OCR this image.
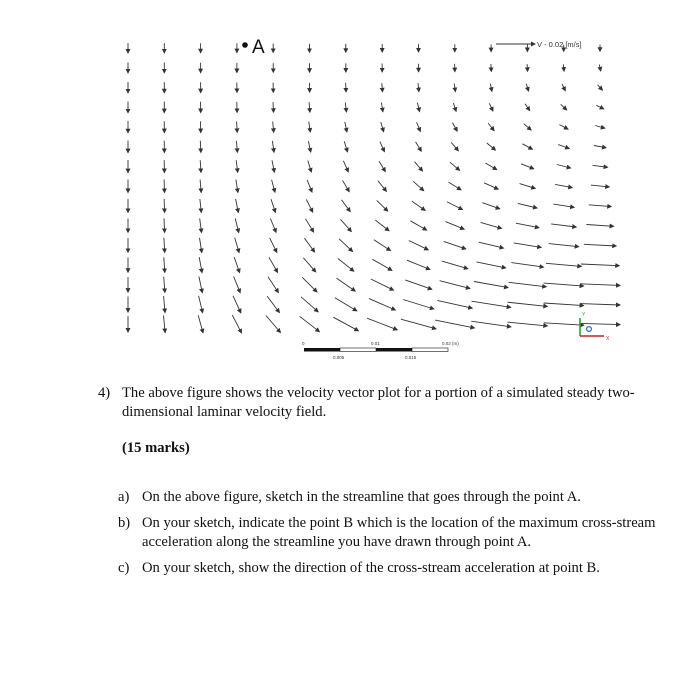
A	V - 0.02 [m/s]
0
0.005
0.01
0.015
0.02 (m)
Y
X
4) The above figure shows the velocity vector plot for a portion of a simulated steady two-dimensional laminar velocity field.
(15 marks)
a) On the above figure, sketch in the streamline that goes through the point A.
b) On your sketch, indicate the point B which is the location of the maximum cross-stream acceleration along the streamline you have drawn through point A.
c) On your sketch, show the direction of the cross-stream acceleration at point B.
